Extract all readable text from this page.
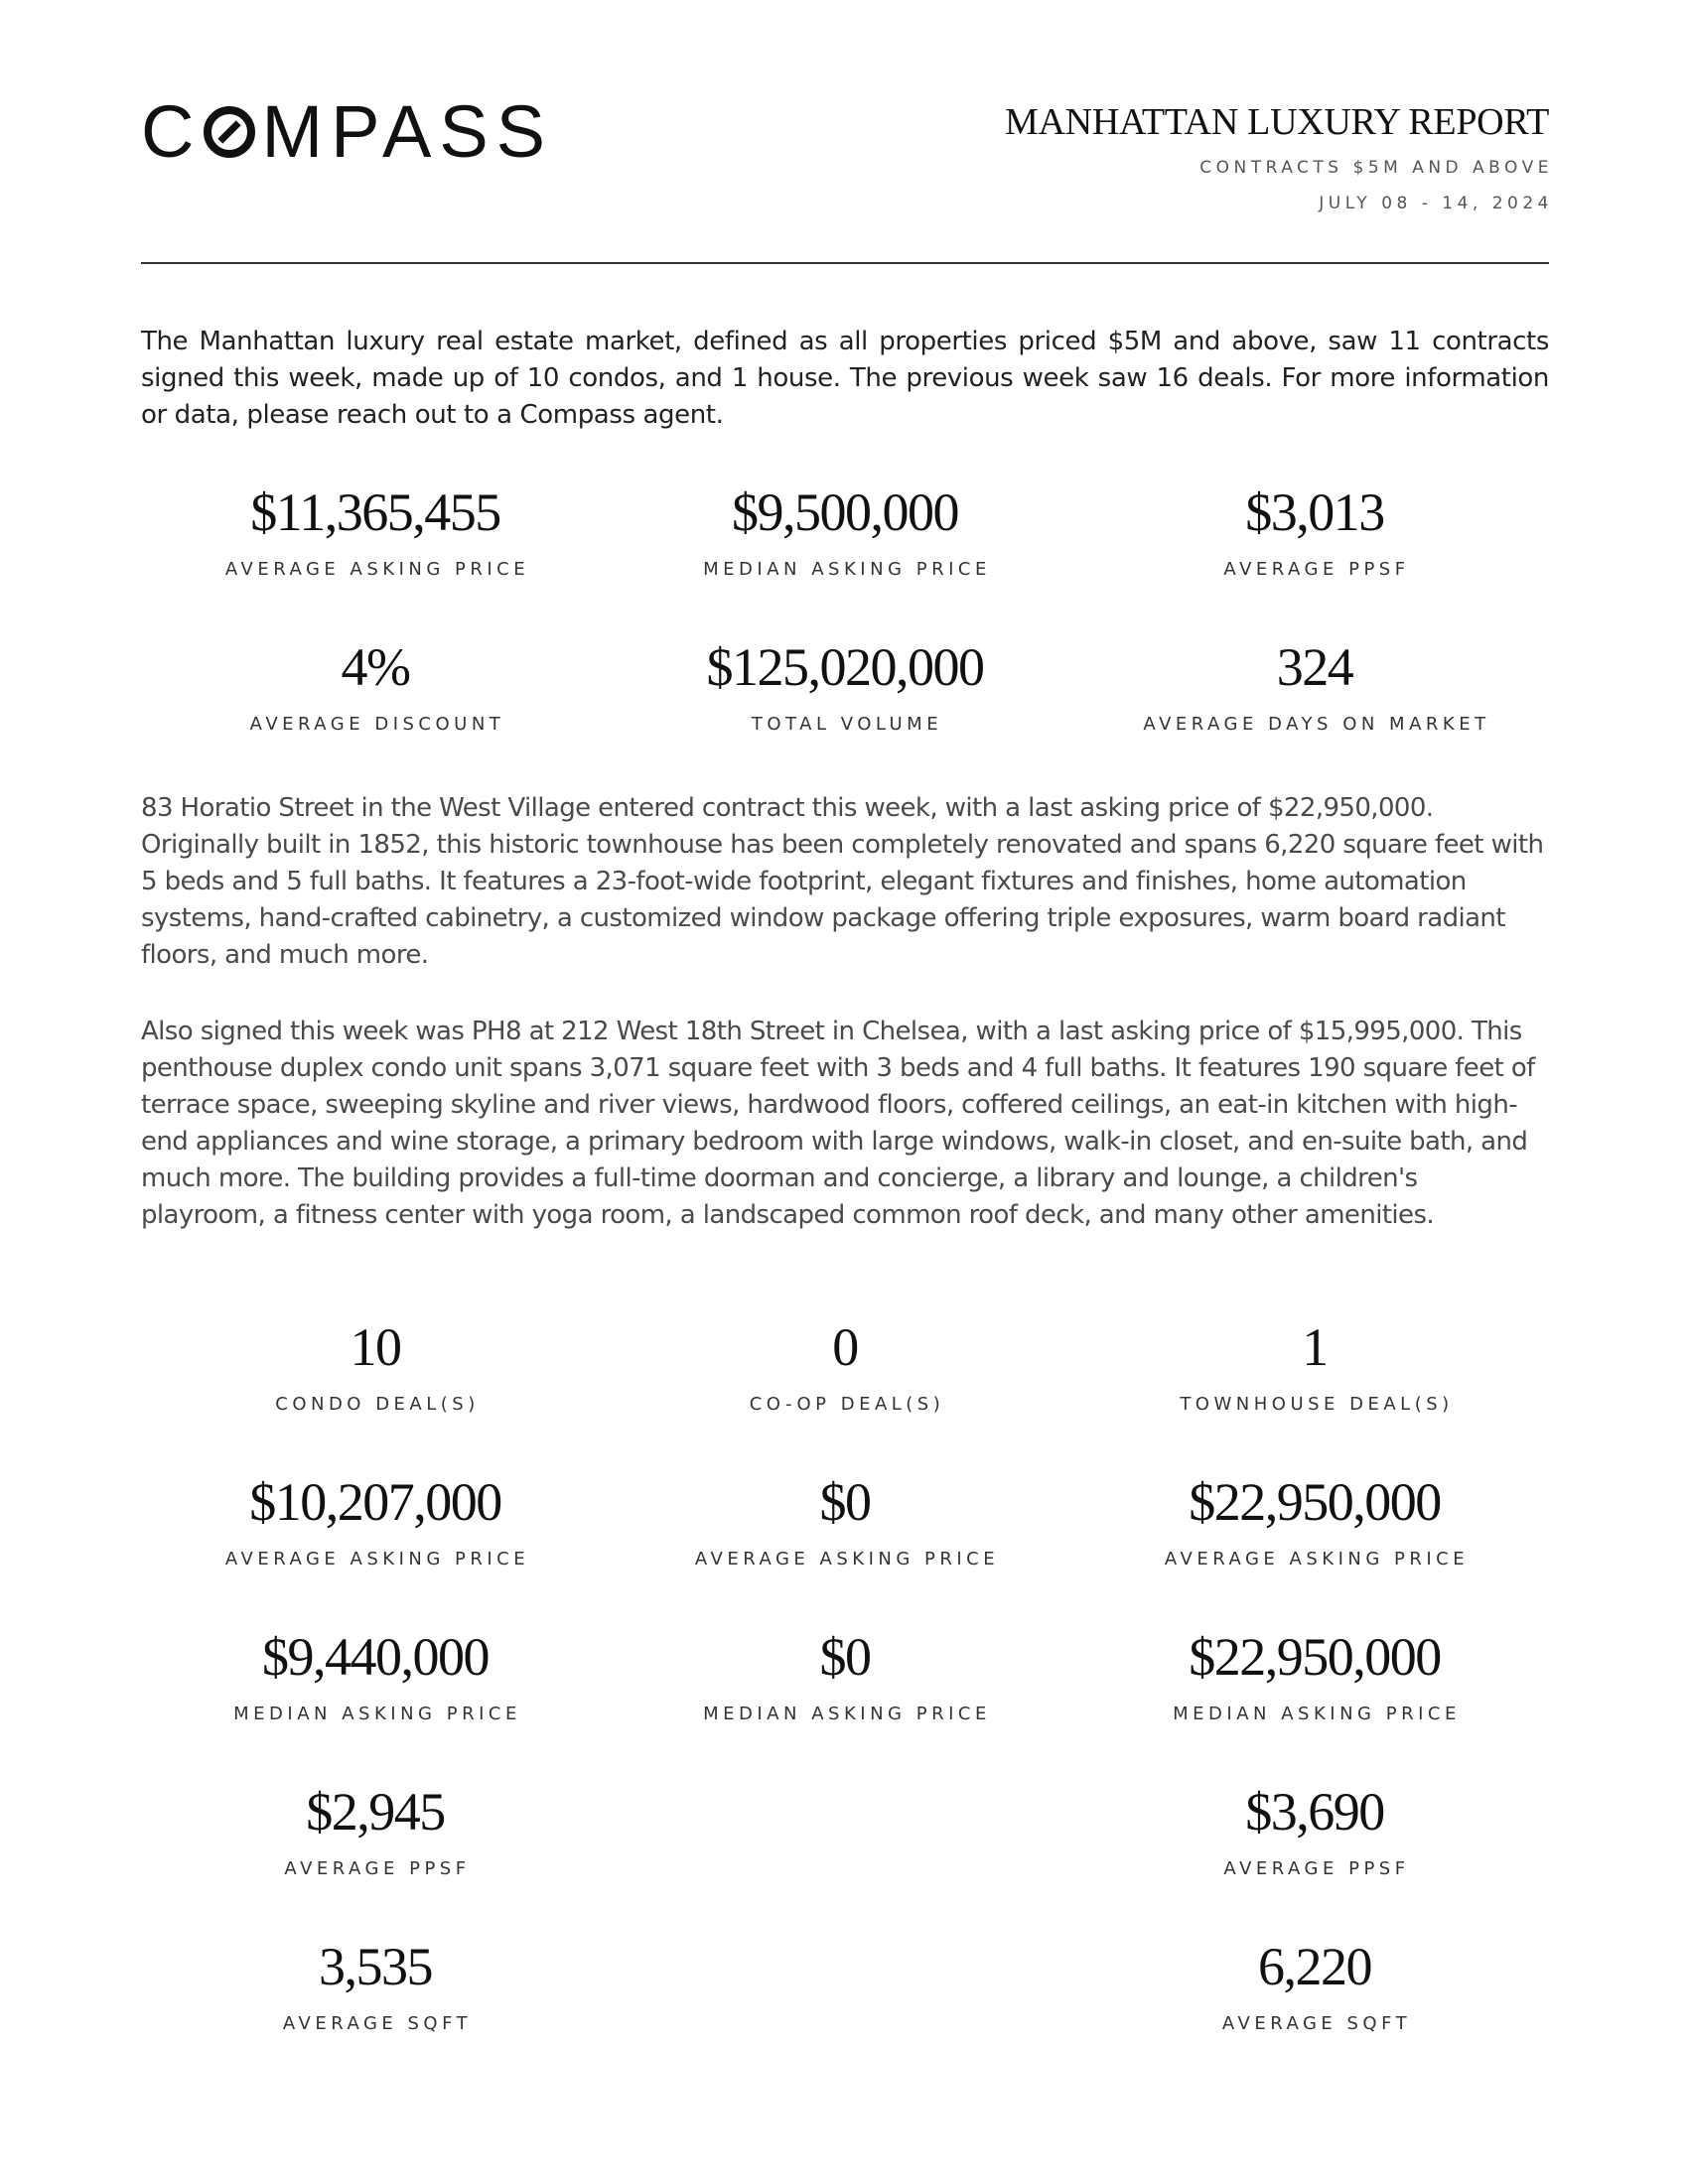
C MPASS	MANHATTAN LUXURY REPORT
CONTRACTS $5M AND ABOVE
JULY 08 - 14, 2024

The Manhattan luxury real estate market, defined as all properties priced $5M and above, saw 11 contracts signed this week, made up of 10 condos, and 1 house. The previous week saw 16 deals. For more information or data, please reach out to a Compass agent.

$11,365,455
AVERAGE ASKING PRICE
$9,500,000
MEDIAN ASKING PRICE
$3,013
AVERAGE PPSF
4%
AVERAGE DISCOUNT
$125,020,000
TOTAL VOLUME
324
AVERAGE DAYS ON MARKET

83 Horatio Street in the West Village entered contract this week, with a last asking price of $22,950,000. Originally built in 1852, this historic townhouse has been completely renovated and spans 6,220 square feet with 5 beds and 5 full baths. It features a 23-foot-wide footprint, elegant fixtures and finishes, home automation systems, hand-crafted cabinetry, a customized window package offering triple exposures, warm board radiant floors, and much more.

Also signed this week was PH8 at 212 West 18th Street in Chelsea, with a last asking price of $15,995,000. This penthouse duplex condo unit spans 3,071 square feet with 3 beds and 4 full baths. It features 190 square feet of terrace space, sweeping skyline and river views, hardwood floors, coffered ceilings, an eat-in kitchen with high-end appliances and wine storage, a primary bedroom with large windows, walk-in closet, and en-suite bath, and much more. The building provides a full-time doorman and concierge, a library and lounge, a children's playroom, a fitness center with yoga room, a landscaped common roof deck, and many other amenities.

10
CONDO DEAL(S)
0
CO-OP DEAL(S)
1
TOWNHOUSE DEAL(S)
$10,207,000
AVERAGE ASKING PRICE
$0
AVERAGE ASKING PRICE
$22,950,000
AVERAGE ASKING PRICE
$9,440,000
MEDIAN ASKING PRICE
$0
MEDIAN ASKING PRICE
$22,950,000
MEDIAN ASKING PRICE
$2,945
AVERAGE PPSF
$3,690
AVERAGE PPSF
3,535
AVERAGE SQFT
6,220
AVERAGE SQFT
